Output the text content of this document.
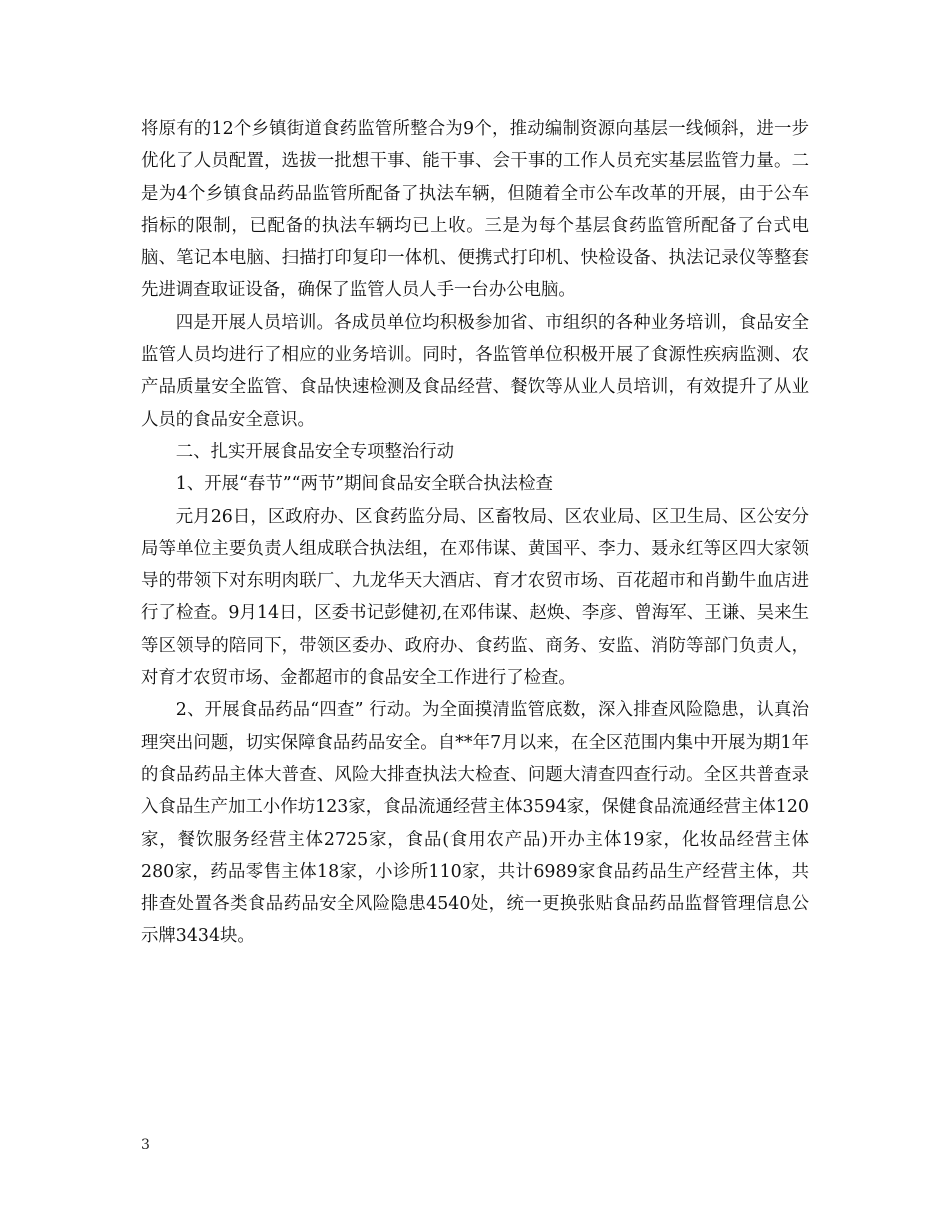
将原有的12个乡镇街道食药监管所整合为9个，推动编制资源向基层一线倾斜，进一步优化了人员配置，选拔一批想干事、能干事、会干事的工作人员充实基层监管力量。二是为4个乡镇食品药品监管所配备了执法车辆，但随着全市公车改革的开展，由于公车指标的限制，已配备的执法车辆均已上收。三是为每个基层食药监管所配备了台式电脑、笔记本电脑、扫描打印复印一体机、便携式打印机、快检设备、执法记录仪等整套先进调查取证设备，确保了监管人员人手一台办公电脑。

四是开展人员培训。各成员单位均积极参加省、市组织的各种业务培训，食品安全监管人员均进行了相应的业务培训。同时，各监管单位积极开展了食源性疾病监测、农产品质量安全监管、食品快速检测及食品经营、餐饮等从业人员培训，有效提升了从业人员的食品安全意识。

二、扎实开展食品安全专项整治行动

1、开展“春节”“两节”期间食品安全联合执法检查

元月26日，区政府办、区食药监分局、区畜牧局、区农业局、区卫生局、区公安分局等单位主要负责人组成联合执法组，在邓伟谋、黄国平、李力、聂永红等区四大家领导的带领下对东明肉联厂、九龙华天大酒店、育才农贸市场、百花超市和肖勤牛血店进行了检查。9月14日，区委书记彭健初,在邓伟谋、赵焕、李彦、曾海军、王谦、吴来生等区领导的陪同下，带领区委办、政府办、食药监、商务、安监、消防等部门负责人，对育才农贸市场、金都超市的食品安全工作进行了检查。

2、开展食品药品“四查” 行动。为全面摸清监管底数，深入排查风险隐患，认真治理突出问题，切实保障食品药品安全。自**年7月以来，在全区范围内集中开展为期1年的食品药品主体大普查、风险大排查执法大检查、问题大清查四查行动。全区共普查录入食品生产加工小作坊123家，食品流通经营主体3594家，保健食品流通经营主体120家，餐饮服务经营主体2725家，食品(食用农产品)开办主体19家，化妆品经营主体280家，药品零售主体18家，小诊所110家，共计6989家食品药品生产经营主体，共排查处置各类食品药品安全风险隐患4540处，统一更换张贴食品药品监督管理信息公示牌3434块。

3
